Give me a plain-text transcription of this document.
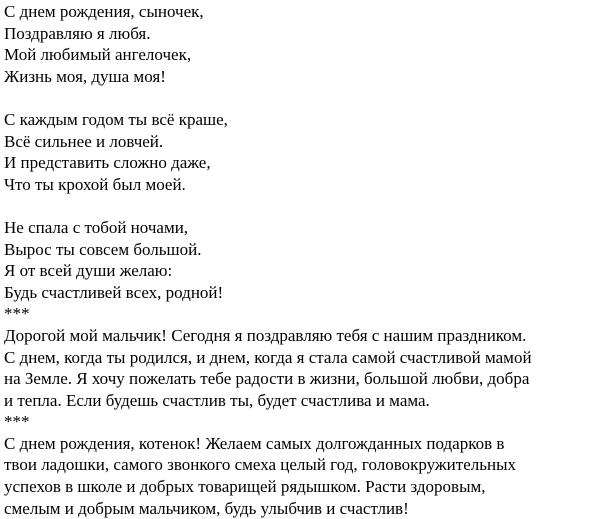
С днем рождения, сыночек,
Поздравляю я любя.
Мой любимый ангелочек,
Жизнь моя, душа моя!
С каждым годом ты всё краше,
Всё сильнее и ловчей.
И представить сложно даже,
Что ты крохой был моей.
Не спала с тобой ночами,
Вырос ты совсем большой.
Я от всей души желаю:
Будь счастливей всех, родной!
***
Дорогой мой мальчик! Сегодня я поздравляю тебя с нашим праздником.
С днем, когда ты родился, и днем, когда я стала самой счастливой мамой
на Земле. Я хочу пожелать тебе радости в жизни, большой любви, добра
и тепла. Если будешь счастлив ты, будет счастлива и мама.
***
С днем рождения, котенок! Желаем самых долгожданных подарков в
твои ладошки, самого звонкого смеха целый год, головокружительных
успехов в школе и добрых товарищей рядышком. Расти здоровым,
смелым и добрым мальчиком, будь улыбчив и счастлив!
